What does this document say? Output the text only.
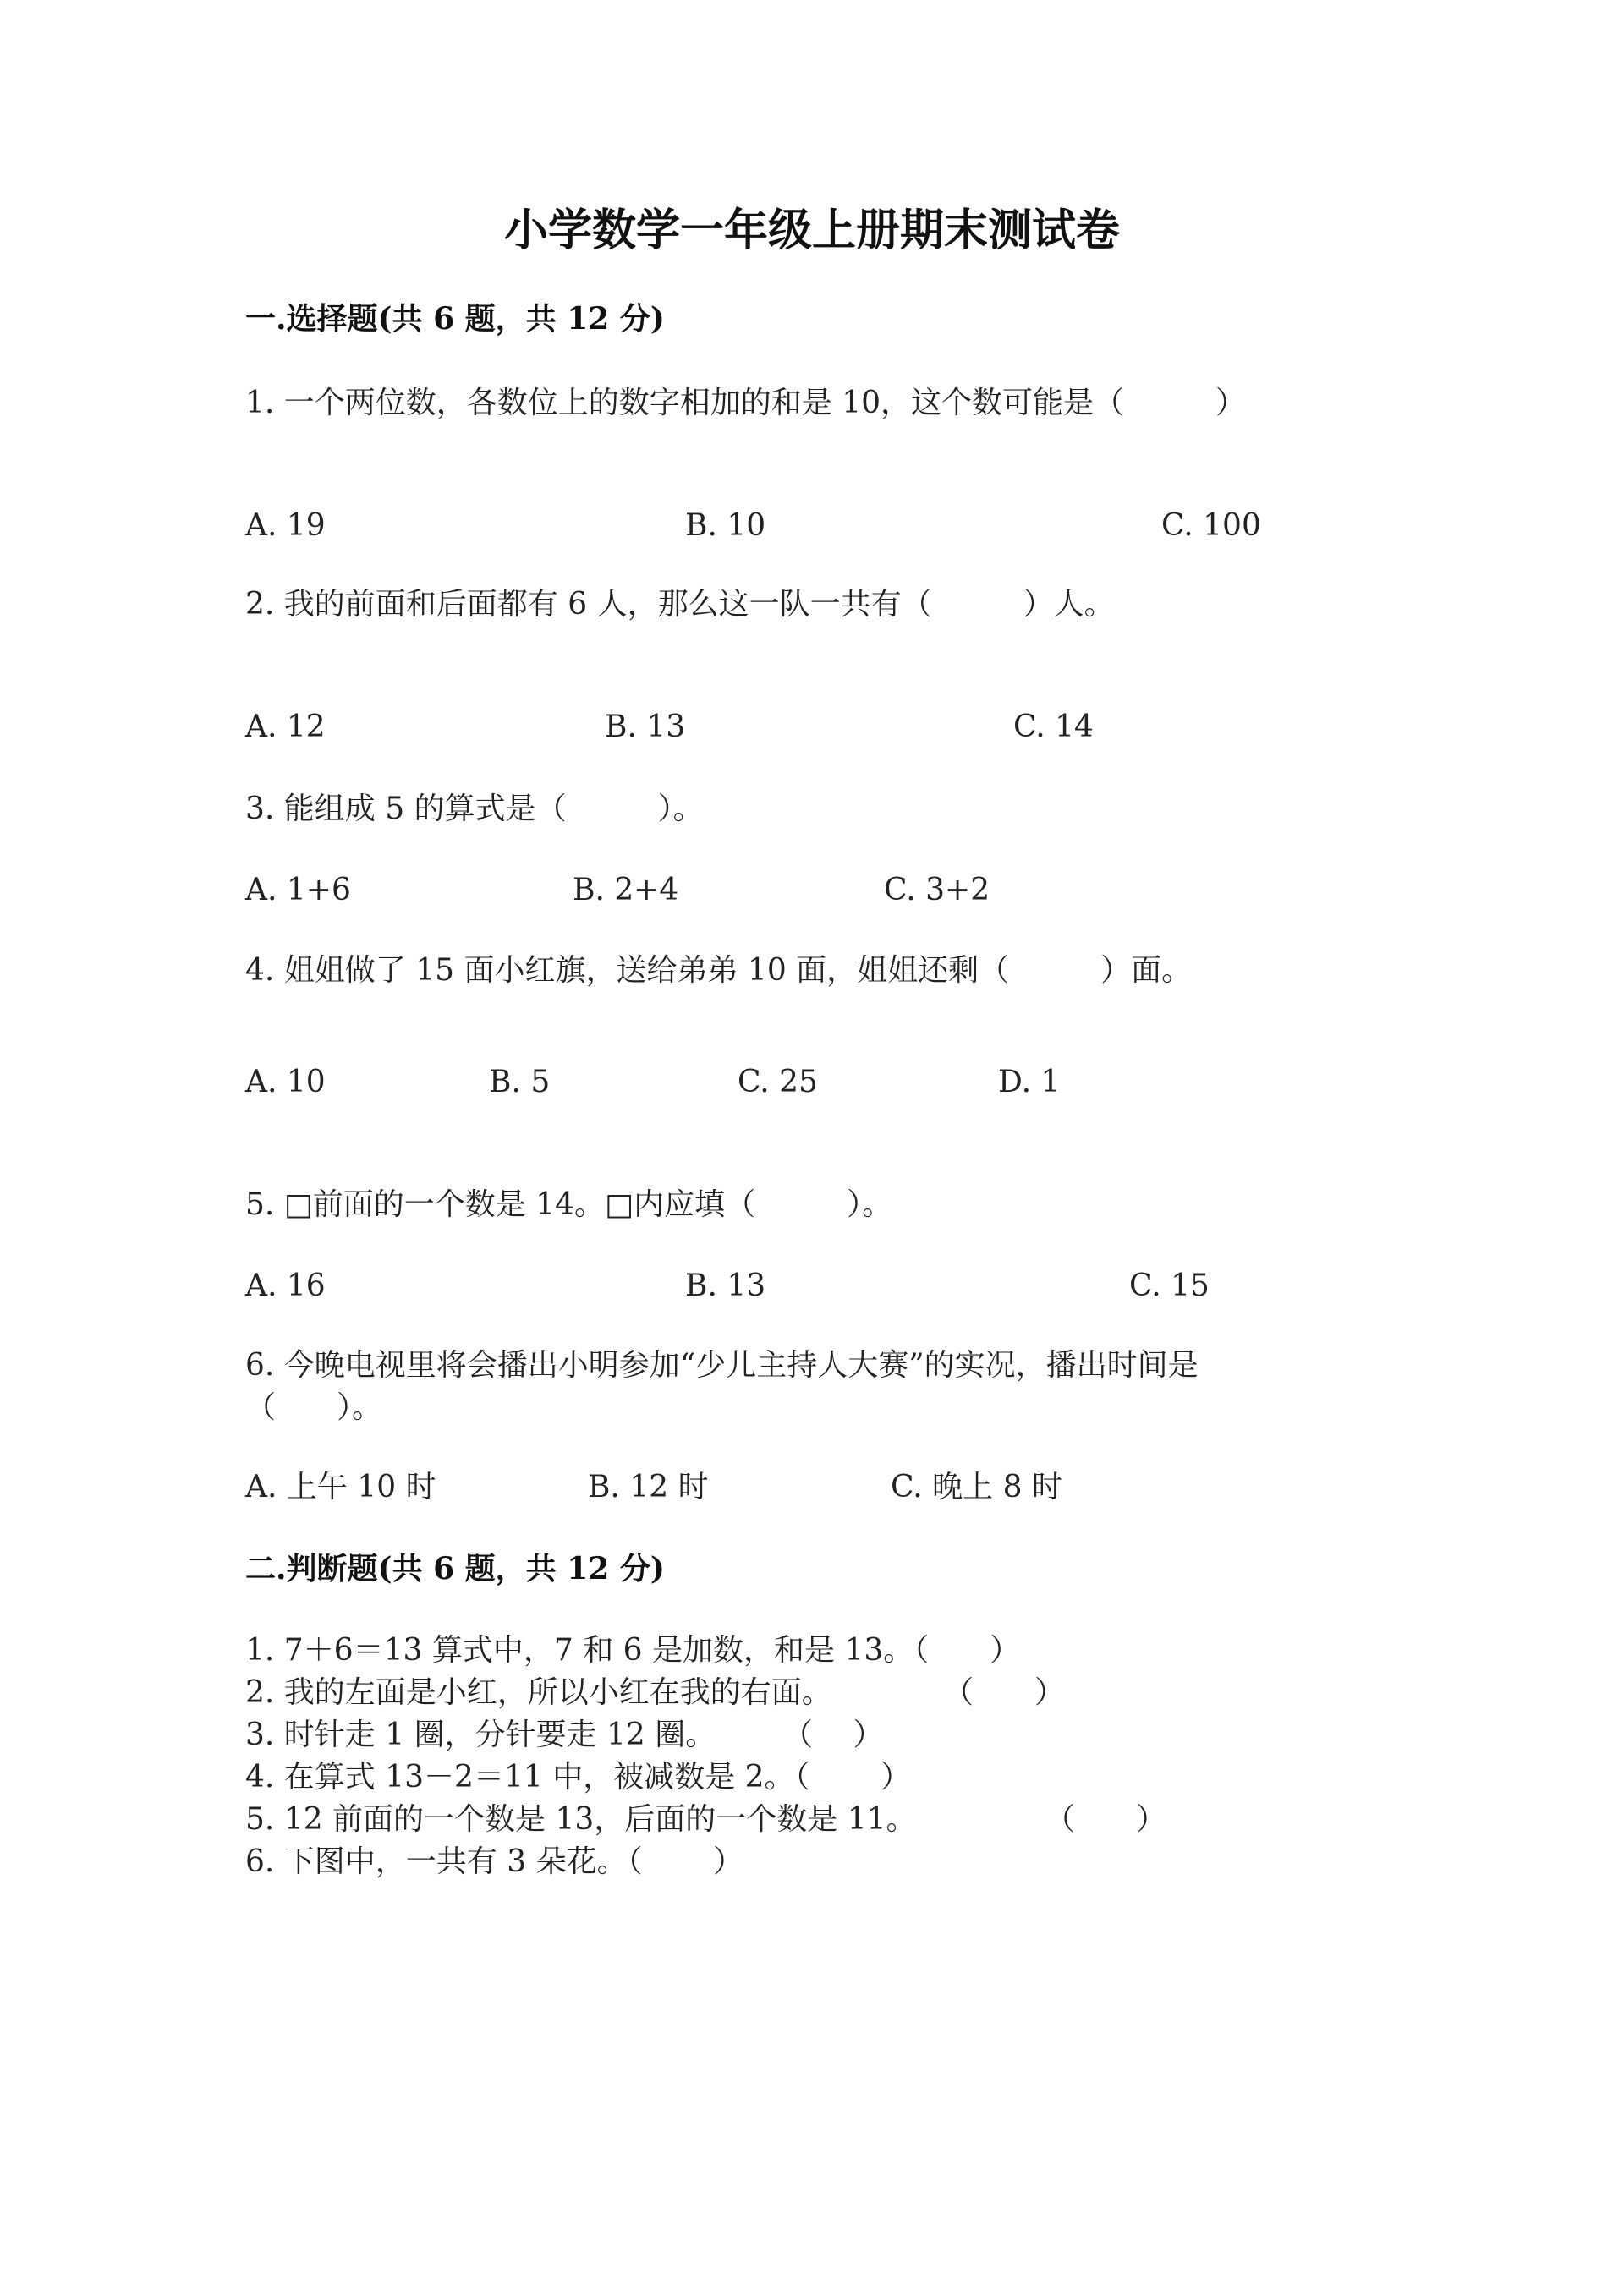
小学数学一年级上册期末测试卷
一.选择题(共 6 题，共 12 分)
1. 一个两位数，各数位上的数字相加的和是 10，这个数可能是（　　　）
A. 19	B. 10	C. 100
2. 我的前面和后面都有 6 人，那么这一队一共有（　　　）人。
A. 12	B. 13	C. 14
3. 能组成 5 的算式是（　　　）。
A. 1+6	B. 2+4	C. 3+2
4. 姐姐做了 15 面小红旗，送给弟弟 10 面，姐姐还剩（　　　）面。
A. 10	B. 5	C. 25	D. 1
5. □前面的一个数是 14。□内应填（　　　）。
A. 16	B. 13	C. 15
6. 今晚电视里将会播出小明参加“少儿主持人大赛”的实况，播出时间是
（　　）。
A. 上午 10 时	B. 12 时	C. 晚上 8 时
二.判断题(共 6 题，共 12 分)
1. 7＋6＝13 算式中，7 和 6 是加数，和是 13。（　　）
2. 我的左面是小红，所以小红在我的右面。	（　　）
3. 时针走 1 圈，分针要走 12 圈。 （　 ）
4. 在算式 13－2＝11 中，被减数是 2。（　　 ）
5. 12 前面的一个数是 13，后面的一个数是 11。	（　　）
6. 下图中，一共有 3 朵花。（　　 ）
